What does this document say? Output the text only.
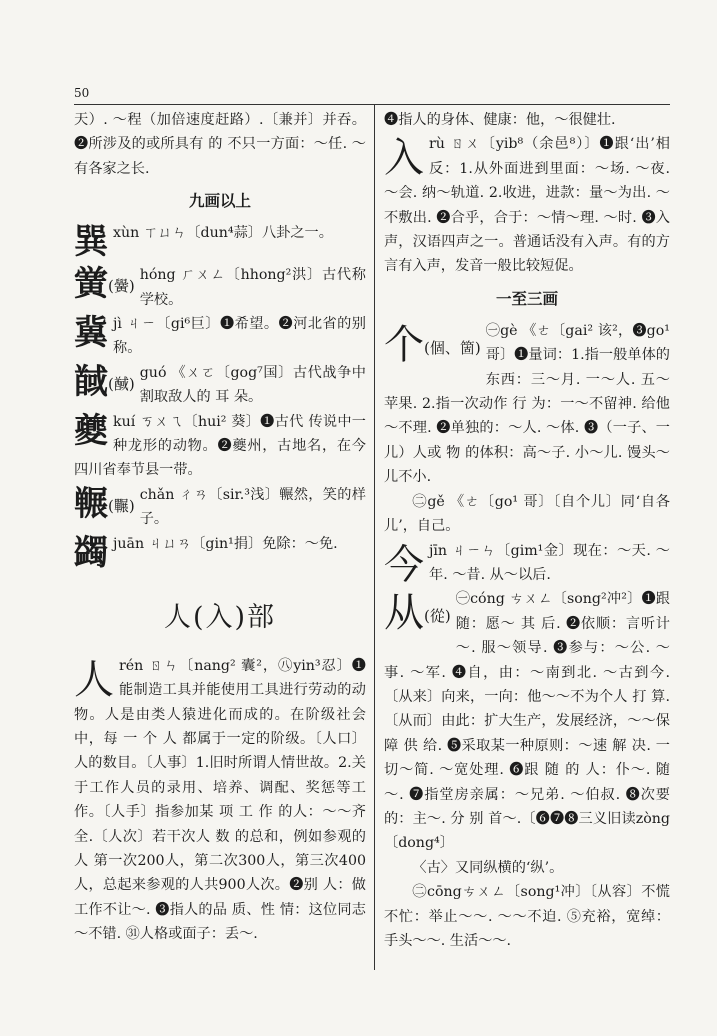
50

天）. ～程（加倍速度赶路）.〔兼并〕并吞。❷所涉及的或所具有 的 不只一方面：～任. ～有各家之长.

九画以上
巽 xùn ㄒㄩㄣ〔dun⁴蒜〕八卦之一。
黉(黌)
hóng ㄏㄨㄥ〔hhong²洪〕古代称学校。
冀 jì ㄐㄧ〔gi⁶巨〕❶希望。❷河北省的别称。
馘(䤋)
guó 《ㄨㄛ〔gog⁷国〕古代战争中割取敌人的 耳 朵。
夔 kuí ㄎㄨㄟ〔hui² 葵〕❶古代 传说中一种龙形的动物。❷夔州，古地名，在今四川省奉节县一带。
冁(囅)
chǎn ㄔㄢ〔sir.³浅〕冁然，笑的样子。
蠲 juān ㄐㄩㄢ〔gin¹捐〕免除：～免.
人(入)部
人 rén ㄖㄣ〔nang² 囊²，㊇yin³忍〕❶能制造工具并能使用工具进行劳动的动物。人是由类人猿进化而成的。在阶级社会中，每 一 个 人 都属于一定的阶级。〔人口〕人的数目。〔人事〕1.旧时所谓人情世故。2.关于工作人员的录用、培养、调配、奖惩等工作。〔人手〕指参加某 项 工 作 的人：～～齐全.〔人次〕若干次人 数 的总和，例如参观的 人 第一次200人，第二次300人，第三次400人，总起来参观的人共900人次。❷别 人：做 工作不让～. ❸指人的品 质、性 情：这位同志～不错. ㉛人格或面子：丢～.

❹指人的身体、健康：他，～很健壮.

入 rù ㄖㄨ〔yib⁸（余邑⁸）〕❶跟‘出’相反：1.从外面进到里面：～场. ～夜. ～会. 纳～轨道. 2.收进，进款：量～为出. ～不敷出. ❷合乎，合于：～情～理. ～时. ❸入声，汉语四声之一。普通话没有入声。有的方言有入声，发音一般比较短促。
一至三画
个(個、箇)
㊀gè 《ㄜ〔gai² 该²，❸go¹哥〕❶量词：1.指一般单体的东西：三～月. 一～人. 五～苹果. 2.指一次动作 行 为：一～不留神. 给他～不理. ❷单独的：～人. ～体. ❸（一子、一儿）人或 物 的体积：高～子. 小～儿. 馒头～儿不小.

㊁gě 《ㄜ〔go¹ 哥〕〔自个儿〕同‘自各儿’，自己。

今 jīn ㄐㄧㄣ〔gim¹金〕现在：～天. ～年. ～昔. 从～以后.
从(從)
㊀cóng ㄘㄨㄥ〔song²冲²〕❶跟 随：愿～ 其 后. ❷依顺：言听计～. 服～领导. ❸参与：～公. ～事. ～军. ❹自，由：～南到北. ～古到今.〔从来〕向来，一向：他～～不为个人 打 算.〔从而〕由此：扩大生产，发展经济，～～保障 供 给. ❺采取某一种原则：～速 解 决. 一切～简. ～宽处理. ❻跟 随 的 人：仆～. 随～. ❼指堂房亲属：～兄弟. ～伯叔. ❽次要的：主～. 分 别 首～.〔❻❼❽三义旧读zòng〔dong⁴〕

〈古〉又同纵横的‘纵’。

㊁cōngㄘㄨㄥ〔song¹冲〕〔从容〕不慌不忙：举止～～. ～～不迫. ⑤充裕，宽绰：手头～～. 生活～～.
